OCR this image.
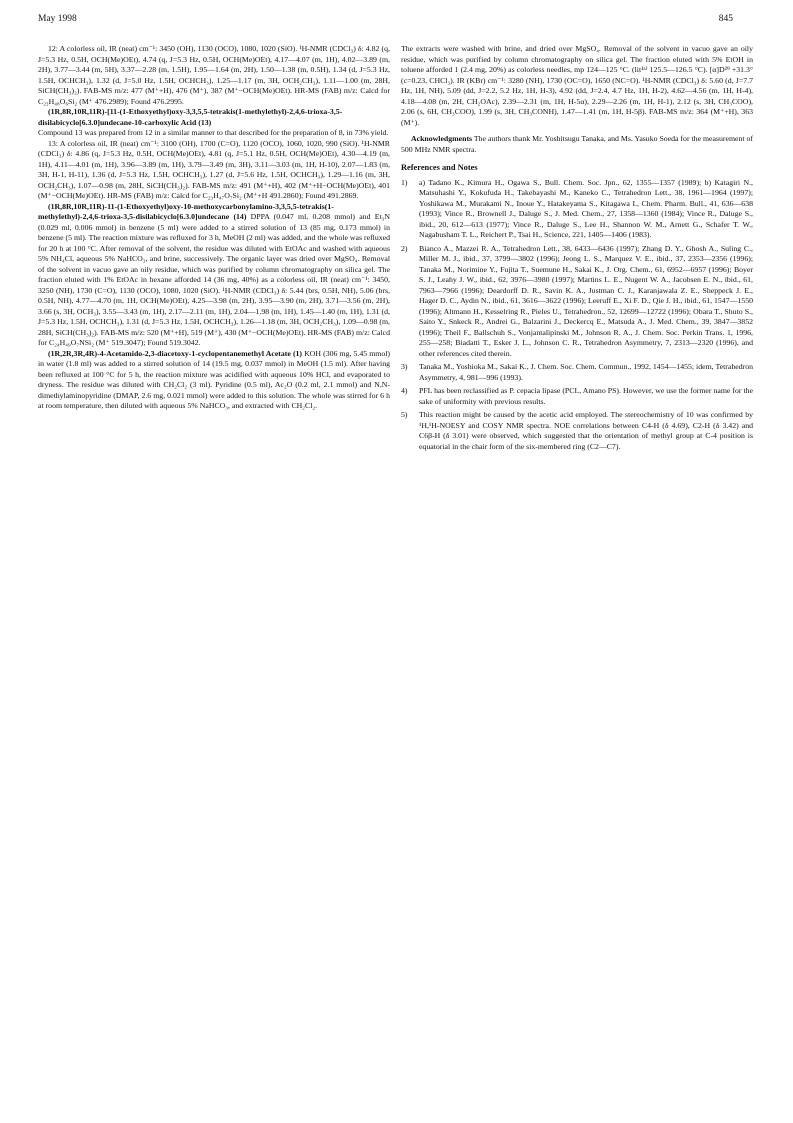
May 1998	845

12: A colorless oil, IR (neat) cm⁻¹: 3450 (OH), 1130 (OCO), 1080, 1020 (SiO). ¹H-NMR (CDCl₃) δ: 4.82 (q, J=5.3 Hz, 0.5H, OCH(Me)OEt), 4.74 (q, J=5.3 Hz, 0.5H, OCH(Me)OEt), 4.17—4.07 (m, 1H), 4.02—3.89 (m, 2H), 3.77—3.44 (m, 5H), 3.37—2.28 (m, 1.5H), 1.95—1.64 (m, 2H), 1.50—1.38 (m, 0.5H), 1.34 (d, J=5.3 Hz, 1.5H, OCHCH₃), 1.32 (d, J=5.0 Hz, 1.5H, OCHCH₃), 1.25—1.17 (m, 3H, OCH₂CH₃), 1.11—1.00 (m, 28H, SiCH(CH₃)₂). FAB-MS m/z: 477 (M⁺+H), 476 (M⁺), 387 (M⁺−OCH(Me)OEt). HR-MS (FAB) m/z: Calcd for C₂₃H₄₈O₆Si₂ (M⁺ 476.2989); Found 476.2995.

(1R,8R,10R,11R)-[11-(1-Ethoxyethyl)oxy-3,3,5,5-tetrakis(1-methylethyl)-2,4,6-trioxa-3,5-disilabicyclo[6.3.0]undecane-10-carboxylic Acid (13)

Compound 13 was prepared from 12 in a similar manner to that described for the preparation of 8, in 73% yield.

13: A colorless oil, IR (neat) cm⁻¹: 3100 (OH), 1700 (C=O), 1120 (OCO), 1060, 1020, 990 (SiO). ¹H-NMR (CDCl₃) δ: 4.86 (q, J=5.3 Hz, 0.5H, OCH(Me)OEt), 4.81 (q, J=5.1 Hz, 0.5H, OCH(Me)OEt), 4.30—4.19 (m, 1H), 4.11—4.01 (m, 1H), 3.96—3.89 (m, 1H), 3.79—3.49 (m, 3H), 3.11—3.03 (m, 1H, H-10), 2.07—1.83 (m, 3H, H-1, H-11), 1.36 (d, J=5.3 Hz, 1.5H, OCHCH₃), 1.27 (d, J=5.6 Hz, 1.5H, OCHCH₃), 1.29—1.16 (m, 3H, OCH₂CH₃), 1.07—0.98 (m, 28H, SiCH(CH₃)₂). FAB-MS m/z: 491 (M⁺+H), 402 (M⁺+H−OCH(Me)OEt), 401 (M⁺−OCH(Me)OEt). HR-MS (FAB) m/z: Calcd for C₂₃H₄₇O₇Si₂ (M⁺+H 491.2860); Found 491.2869.

(1R,8R,10R,11R)-11-(1-Ethoxyethyl)oxy-10-methoxycarbonylamino-3,3,5,5-tetrakis(1-methylethyl)-2,4,6-trioxa-3,5-disilabicyclo[6.3.0]undecane (14) DPPA (0.047 ml, 0.208 mmol) and Et₃N (0.029 ml, 0.006 mmol) in benzene (5 ml) were added to a stirred solution of 13 (85 mg, 0.173 mmol) in benzene (5 ml). The reaction mixture was refluxed for 3 h, MeOH (2 ml) was added, and the whole was refluxed for 20 h at 100 °C. After removal of the solvent, the residue was diluted with EtOAc and washed with aqueous 5% NH₄Cl, aqueous 5% NaHCO₃, and brine, successively. The organic layer was dried over MgSO₄. Removal of the solvent in vacuo gave an oily residue, which was purified by column chromatography on silica gel. The fraction eluted with 1% EtOAc in hexane afforded 14 (36 mg, 40%) as a colorless oil, IR (neat) cm⁻¹: 3450, 3250 (NH), 1730 (C=O), 1130 (OCO), 1080, 1020 (SiO). ¹H-NMR (CDCl₃) δ: 5.44 (brs, 0.5H, NH), 5.06 (brs, 0.5H, NH), 4.77—4.70 (m, 1H, OCH(Me)OEt), 4.25—3.98 (m, 2H), 3.95—3.90 (m, 2H), 3.71—3.56 (m, 2H), 3.66 (s, 3H, OCH₃), 3.55—3.43 (m, 1H), 2.17—2.11 (m, 1H), 2.04—1.98 (m, 1H), 1.45—1.40 (m, 1H), 1.31 (d, J=5.3 Hz, 1.5H, OCHCH₃), 1.31 (d, J=5.3 Hz, 1.5H, OCHCH₃), 1.26—1.18 (m, 3H, OCH₂CH₃), 1.09—0.98 (m, 28H, SiCH(CH₃)₂). FAB-MS m/z: 520 (M⁺+H), 519 (M⁺), 430 (M⁺−OCH(Me)OEt). HR-MS (FAB) m/z: Calcd for C₂₄H₄₉O₇NSi₂ (M⁺ 519.3047); Found 519.3042.

(1R,2R,3R,4R)-4-Acetamido-2,3-diacetoxy-1-cyclopentanemethyl Acetate (1) KOH (306 mg, 5.45 mmol) in water (1.8 ml) was added to a stirred solution of 14 (19.5 mg, 0.037 mmol) in MeOH (1.5 ml). After having been refluxed at 100 °C for 5 h, the reaction mixture was acidified with aqueous 10% HCl, and evaporated to dryness. The residue was diluted with CH₂Cl₂ (3 ml). Pyridine (0.5 ml), Ac₂O (0.2 ml, 2.1 mmol) and N,N-dimethylaminopyridine (DMAP, 2.6 mg, 0.021 mmol) were added to this solution. The whole was stirred for 6 h at room temperature, then diluted with aqueous 5% NaHCO₃, and extracted with CH₂Cl₂.

The extracts were washed with brine, and dried over MgSO₄. Removal of the solvent in vacuo gave an oily residue, which was purified by column chromatography on silica gel. The fraction eluted with 5% EtOH in toluene afforded 1 (2.4 mg, 20%) as colorless needles, mp 124—125 °C. (lit¹ᵃ⁾ 125.5—126.5 °C). [α]D²⁹ +31.3° (c=0.23, CHCl₃). IR (KBr) cm⁻¹: 3280 (NH), 1730 (OC=O), 1650 (NC=O). ¹H-NMR (CDCl₃) δ: 5.60 (d, J=7.7 Hz, 1H, NH), 5.09 (dd, J=2.2, 5.2 Hz, 1H, H-3), 4.92 (dd, J=2.4, 4.7 Hz, 1H, H-2), 4.62—4.56 (m, 1H, H-4), 4.18—4.08 (m, 2H, CH₂OAc), 2.39—2.31 (m, 1H, H-5α), 2.29—2.26 (m, 1H, H-1), 2.12 (s, 3H, CH₃COO), 2.06 (s, 6H, CH₃COO), 1.99 (s, 3H, CH₃CONH), 1.47—1.41 (m, 1H, H-5β). FAB-MS m/z: 364 (M⁺+H), 363 (M⁺).

Acknowledgments The authors thank Mr. Yoshitsugu Tanaka, and Ms. Yasuko Soeda for the measurement of 500 MHz NMR spectra.

References and Notes
1) a) Tadano K., Kimura H., Ogawa S., Bull. Chem. Soc. Jpn., 62, 1355—1357 (1989); b) Katagiri N., Matsuhashi Y., Kokufuda H., Takebayashi M., Kaneko C., Tetrahedron Lett., 38, 1961—1964 (1997); Yoshikawa M., Murakami N., Inoue Y., Hatakeyama S., Kitagawa I., Chem. Pharm. Bull., 41, 636—638 (1993); Vince R., Brownell J., Daluge S., J. Med. Chem., 27, 1358—1360 (1984); Vince R., Daluge S., ibid., 20, 612—613 (1977); Vince R., Daluge S., Lee H., Shannon W. M., Arnett G., Schafer T. W., Nagabusham T. L., Reichert P., Tsai H., Science, 221, 1405—1406 (1983).
2) Bianco A., Mazzei R. A., Tetrahedron Lett., 38, 6433—6436 (1997); Zhang D. Y., Ghosh A., Suling C., Miller M. J., ibid., 37, 3799—3802 (1996); Jeong L. S., Marquez V. E., ibid., 37, 2353—2356 (1996); Tanaka M., Norimine Y., Fujita T., Suemune H., Sakai K., J. Org. Chem., 61, 6952—6957 (1996); Boyer S. J., Leahy J. W., ibid., 62, 3976—3980 (1997); Martins L. E., Nugent W. A., Jacobsen E. N., ibid., 61, 7963—7966 (1996); Deardorff D. R., Savin K. A., Justman C. J., Karanjawala Z. E., Sheppeck J. E., Hager D. C., Aydin N., ibid., 61, 3616—3622 (1996); Leeruff E., Xi F. D., Qie J. H., ibid., 61, 1547—1550 (1996); Altmann H., Kesselring R., Pieles U., Tetrahedron., 52, 12699—12722 (1996); Obara T., Shuto S., Saito Y., Snkeck R., Andrei G., Balzarini J., Deckercq E., Matsuda A., J. Med. Chem., 39, 3847—3852 (1996); Theil F., Ballschuh S., Vonjantalipinski M., Johnson R. A., J. Chem. Soc. Perkin Trans. 1, 1996, 255—258; Biadatti T., Esker J. L., Johnson C. R., Tetrahedron Asymmetry, 7, 2313—2320 (1996), and other references cited therein.
3) Tanaka M., Yoshioka M., Sakai K., J. Chem. Soc. Chem. Commun., 1992, 1454—1455; idem, Tetrahedron Asymmetry, 4, 981—996 (1993).
4) PFL has been reclassified as P. cepacia lipase (PCL, Amano PS). However, we use the former name for the sake of uniformity with previous results.
5) This reaction might be caused by the acetic acid employed. The stereochemistry of 10 was confirmed by ¹H,¹H-NOESY and COSY NMR spectra. NOE correlations between C4-H (δ 4.69), C2-H (δ 3.42) and C6β-H (δ 3.01) were observed, which suggested that the orientation of methyl group at C-4 position is equatorial in the chair form of the six-membered ring (C2—C7).
